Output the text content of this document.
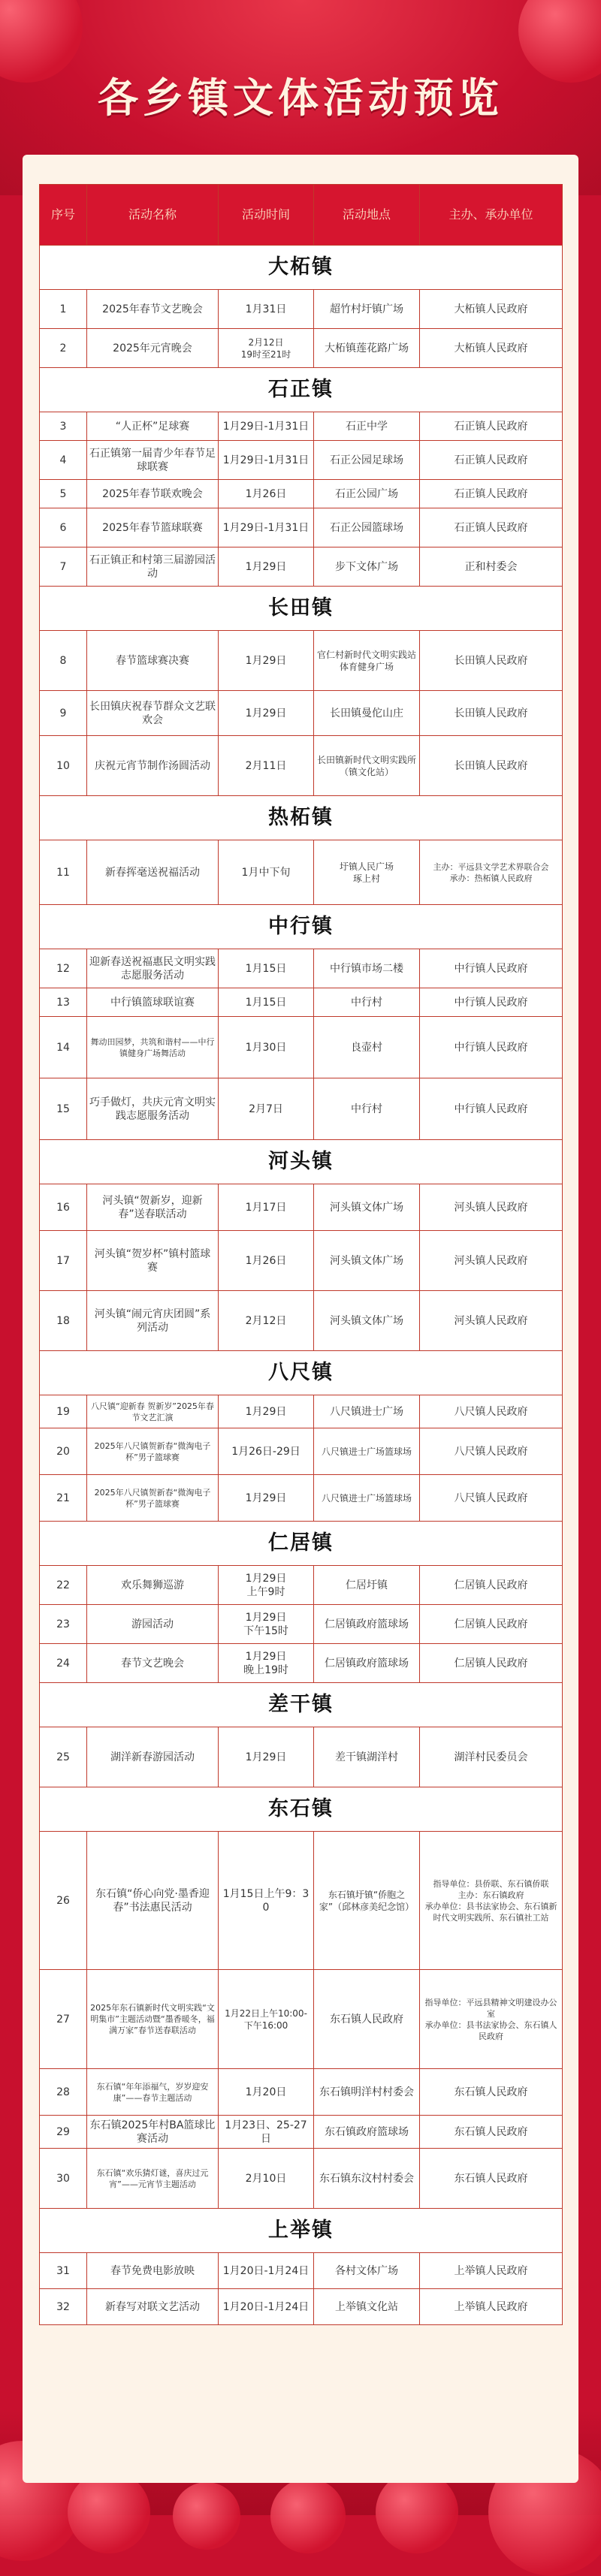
各乡镇文体活动预览
序号	活动名称	活动时间	活动地点	主办、承办单位
大柘镇				
1	2025年春节文艺晚会	1月31日	超竹村圩镇广场	大柘镇人民政府
2	2025年元宵晚会	2月12日
19时至21时	大柘镇莲花路广场	大柘镇人民政府
石正镇				
3	“人正杯”足球赛	1月29日-1月31日	石正中学	石正镇人民政府
4	石正镇第一届青少年春节足球联赛	1月29日-1月31日	石正公园足球场	石正镇人民政府
5	2025年春节联欢晚会	1月26日	石正公园广场	石正镇人民政府
6	2025年春节篮球联赛	1月29日-1月31日	石正公园篮球场	石正镇人民政府
7	石正镇正和村第三届游园活动	1月29日	步下文体广场	正和村委会
长田镇				
8	春节篮球赛决赛	1月29日	官仁村新时代文明实践站体育健身广场	长田镇人民政府
9	长田镇庆祝春节群众文艺联欢会	1月29日	长田镇曼佗山庄	长田镇人民政府
10	庆祝元宵节制作汤圆活动	2月11日	长田镇新时代文明实践所
（镇文化站）	长田镇人民政府
热柘镇				
11	新春挥毫送祝福活动	1月中下旬	圩镇人民广场
琢上村	主办：平远县文学艺术界联合会
承办：热柘镇人民政府
中行镇				
12	迎新春送祝福惠民文明实践志愿服务活动	1月15日	中行镇市场二楼	中行镇人民政府
13	中行镇篮球联谊赛	1月15日	中行村	中行镇人民政府
14	舞动田园梦，共筑和谐村——中行镇健身广场舞活动	1月30日	良壶村	中行镇人民政府
15	巧手做灯，共庆元宵文明实践志愿服务活动	2月7日	中行村	中行镇人民政府
河头镇				
16	河头镇“贺新岁，迎新春”送春联活动	1月17日	河头镇文体广场	河头镇人民政府
17	河头镇“贺岁杯”镇村篮球赛	1月26日	河头镇文体广场	河头镇人民政府
18	河头镇“闹元宵庆团圆”系列活动	2月12日	河头镇文体广场	河头镇人民政府
八尺镇				
19	八尺镇“迎新春 贺新岁”2025年春节文艺汇演	1月29日	八尺镇进士广场	八尺镇人民政府
20	2025年八尺镇贺新春“微淘电子杯”男子篮球赛	1月26日-29日	八尺镇进士广场篮球场	八尺镇人民政府
21	2025年八尺镇贺新春“微淘电子杯”男子篮球赛	1月29日	八尺镇进士广场篮球场	八尺镇人民政府
仁居镇				
22	欢乐舞狮巡游	1月29日
上午9时	仁居圩镇	仁居镇人民政府
23	游园活动	1月29日
下午15时	仁居镇政府篮球场	仁居镇人民政府
24	春节文艺晚会	1月29日
晚上19时	仁居镇政府篮球场	仁居镇人民政府
差干镇				
25	湖洋新春游园活动	1月29日	差干镇湖洋村	湖洋村民委员会
东石镇				
26	东石镇“侨心向党·墨香迎春”书法惠民活动	1月15日上午9：30	东石镇圩镇“侨胞之家”（邱林彦美纪念馆）	指导单位：县侨联、东石镇侨联
主办：东石镇政府
承办单位：县书法家协会、东石镇新时代文明实践所、东石镇社工站
27	2025年东石镇新时代文明实践“文明集市”主题活动暨“墨香暖冬，福满万家”春节送春联活动	1月22日上午10:00-下午16:00	东石镇人民政府	指导单位：平远县精神文明建设办公室
承办单位：县书法家协会、东石镇人民政府
28	东石镇“年年添福气，岁岁迎安康”——春节主题活动	1月20日	东石镇明洋村村委会	东石镇人民政府
29	东石镇2025年村BA篮球比赛活动	1月23日、25-27日	东石镇政府篮球场	东石镇人民政府
30	东石镇“欢乐猜灯谜，喜庆过元宵”——元宵节主题活动	2月10日	东石镇东汶村村委会	东石镇人民政府
上举镇				
31	春节免费电影放映	1月20日-1月24日	各村文体广场	上举镇人民政府
32	新春写对联文艺活动	1月20日-1月24日	上举镇文化站	上举镇人民政府
